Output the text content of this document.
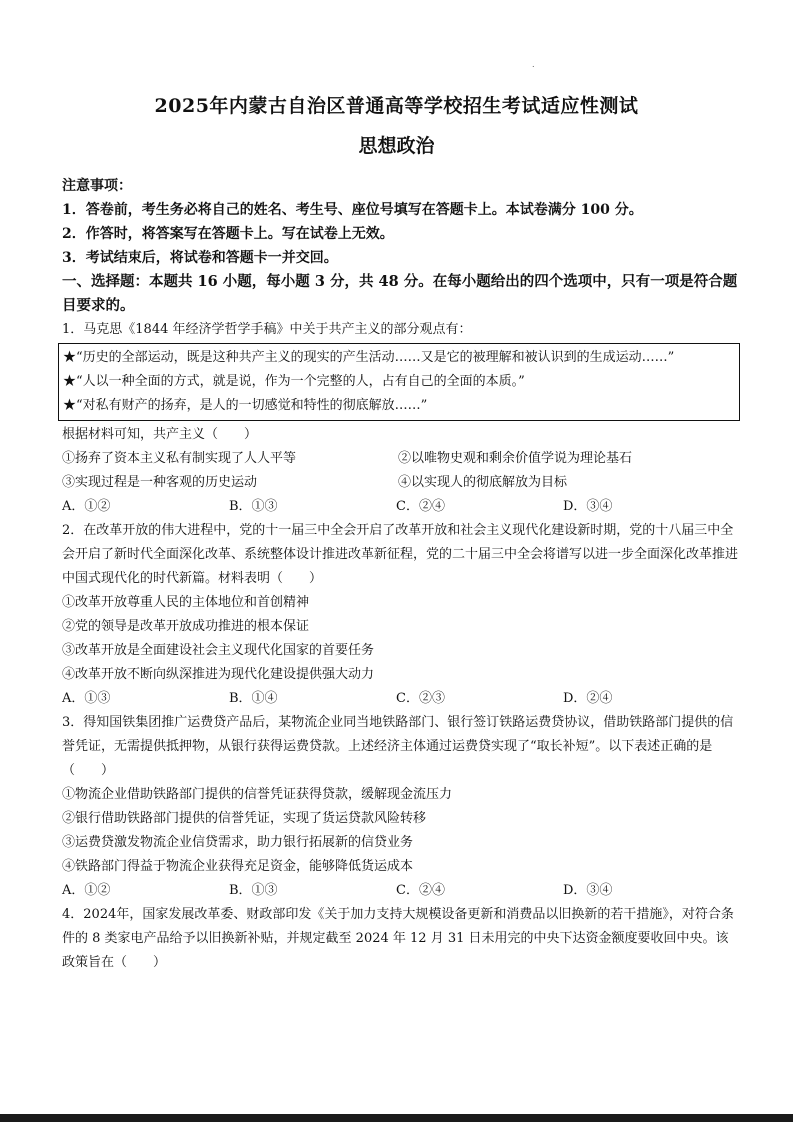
.
2025年内蒙古自治区普通高等学校招生考试适应性测试
思想政治
注意事项：
1．答卷前，考生务必将自己的姓名、考生号、座位号填写在答题卡上。本试卷满分 100 分。
2．作答时，将答案写在答题卡上。写在试卷上无效。
3．考试结束后，将试卷和答题卡一并交回。
一、选择题：本题共 16 小题，每小题 3 分，共 48 分。在每小题给出的四个选项中，只有一项是符合题目要求的。
1．马克思《1844 年经济学哲学手稿》中关于共产主义的部分观点有：
★“历史的全部运动，既是这种共产主义的现实的产生活动……又是它的被理解和被认识到的生成运动……”
★“人以一种全面的方式，就是说，作为一个完整的人，占有自己的全面的本质。”
★“对私有财产的扬弃，是人的一切感觉和特性的彻底解放……”
根据材料可知，共产主义（　　）
①扬弃了资本主义私有制实现了人人平等	②以唯物史观和剩余价值学说为理论基石
③实现过程是一种客观的历史运动	④以实现人的彻底解放为目标
A．①②	B．①③	C．②④	D．③④
2．在改革开放的伟大进程中，党的十一届三中全会开启了改革开放和社会主义现代化建设新时期，党的十八届三中全会开启了新时代全面深化改革、系统整体设计推进改革新征程，党的二十届三中全会将谱写以进一步全面深化改革推进中国式现代化的时代新篇。材料表明（　　）
①改革开放尊重人民的主体地位和首创精神
②党的领导是改革开放成功推进的根本保证
③改革开放是全面建设社会主义现代化国家的首要任务
④改革开放不断向纵深推进为现代化建设提供强大动力
A．①③	B．①④	C．②③	D．②④
3．得知国铁集团推广运费贷产品后，某物流企业同当地铁路部门、银行签订铁路运费贷协议，借助铁路部门提供的信誉凭证，无需提供抵押物，从银行获得运费贷款。上述经济主体通过运费贷实现了“取长补短”。以下表述正确的是（　　）
①物流企业借助铁路部门提供的信誉凭证获得贷款，缓解现金流压力
②银行借助铁路部门提供的信誉凭证，实现了货运贷款风险转移
③运费贷激发物流企业信贷需求，助力银行拓展新的信贷业务
④铁路部门得益于物流企业获得充足资金，能够降低货运成本
A．①②	B．①③	C．②④	D．③④
4．2024年，国家发展改革委、财政部印发《关于加力支持大规模设备更新和消费品以旧换新的若干措施》，对符合条件的 8 类家电产品给予以旧换新补贴，并规定截至 2024 年 12 月 31 日未用完的中央下达资金额度要收回中央。该政策旨在（　　）
